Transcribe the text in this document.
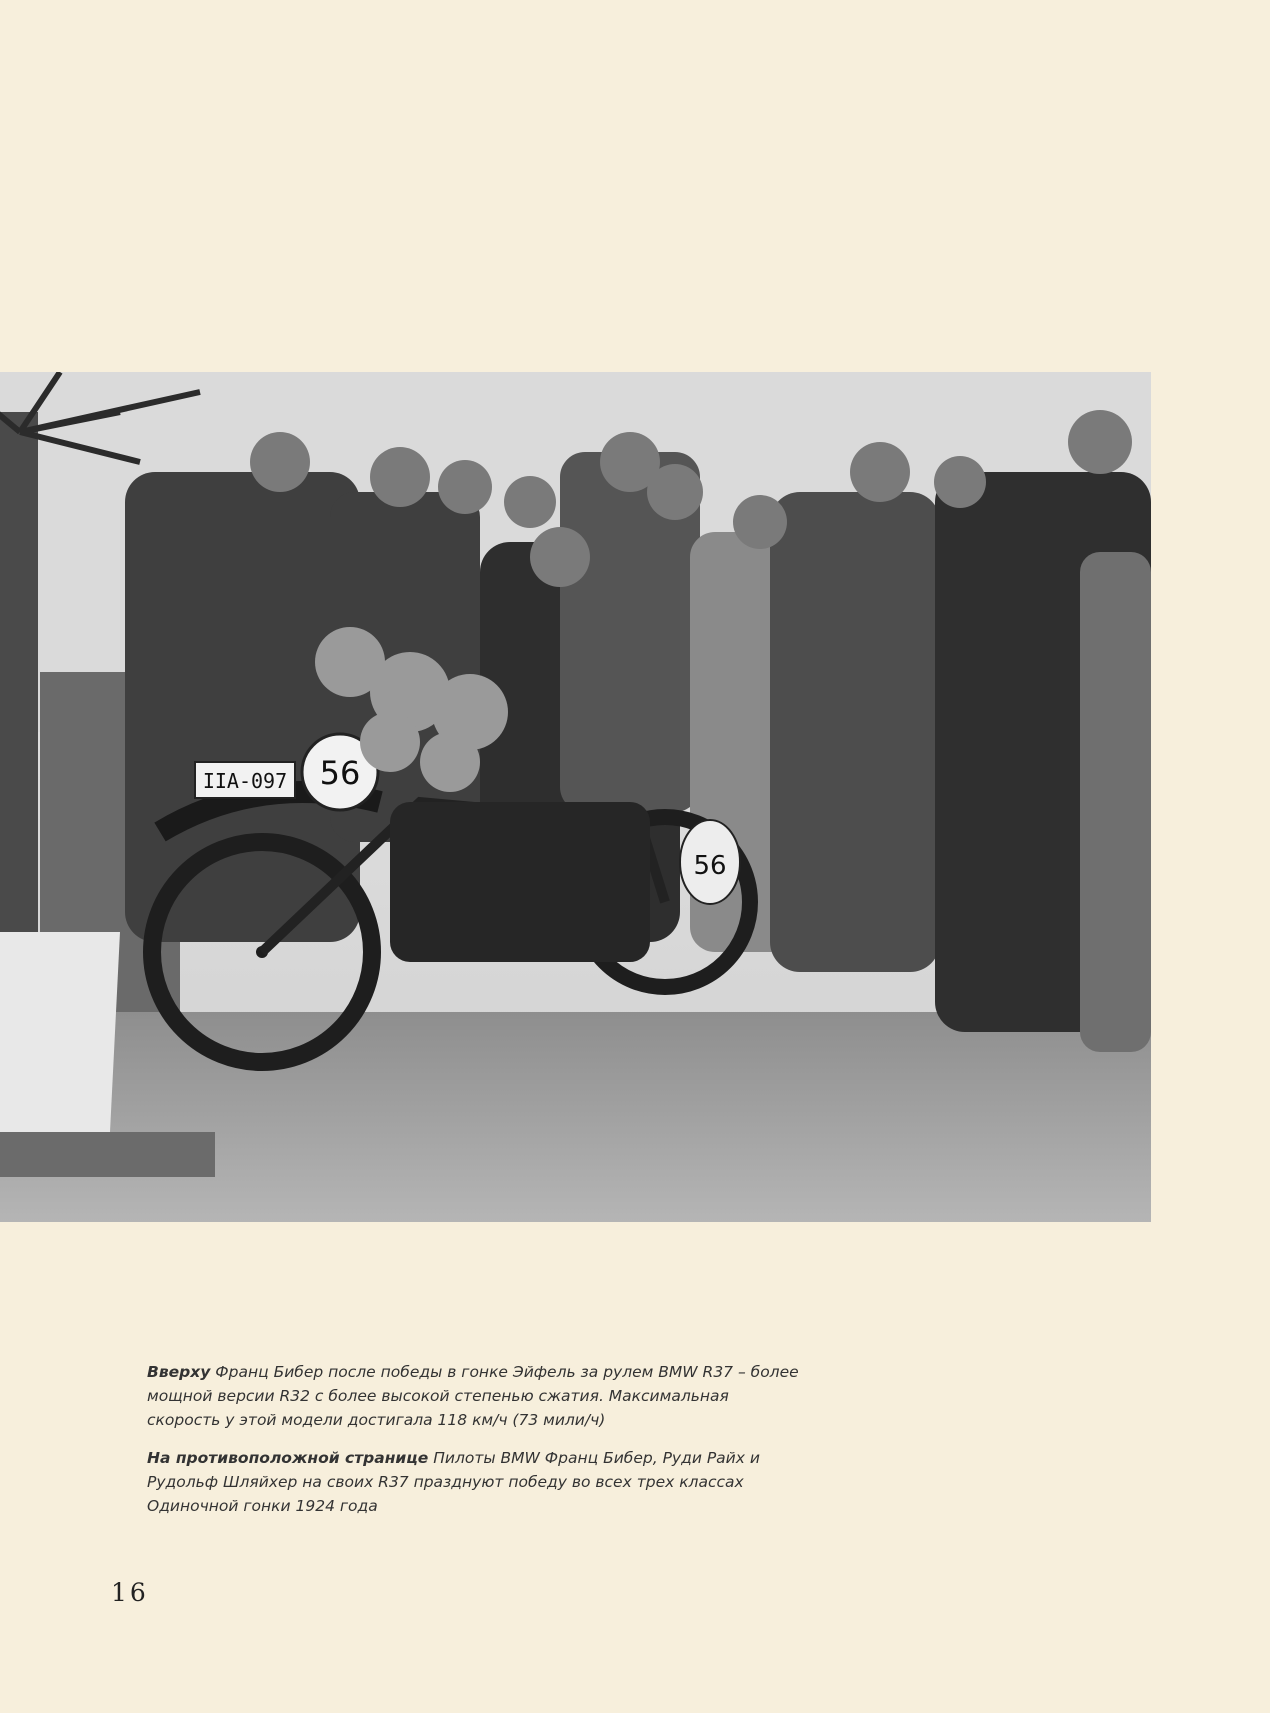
56
IIA-097
56

Вверху Франц Бибер после победы в гонке Эйфель за рулем BMW R37 – более мощной версии R32 с более высокой степенью сжатия. Максимальная скорость у этой модели достигала 118 км/ч (73 мили/ч)

На противоположной странице Пилоты BMW Франц Бибер, Руди Райх и Рудольф Шляйхер на своих R37 празднуют победу во всех трех классах Одиночной гонки 1924 года

16
